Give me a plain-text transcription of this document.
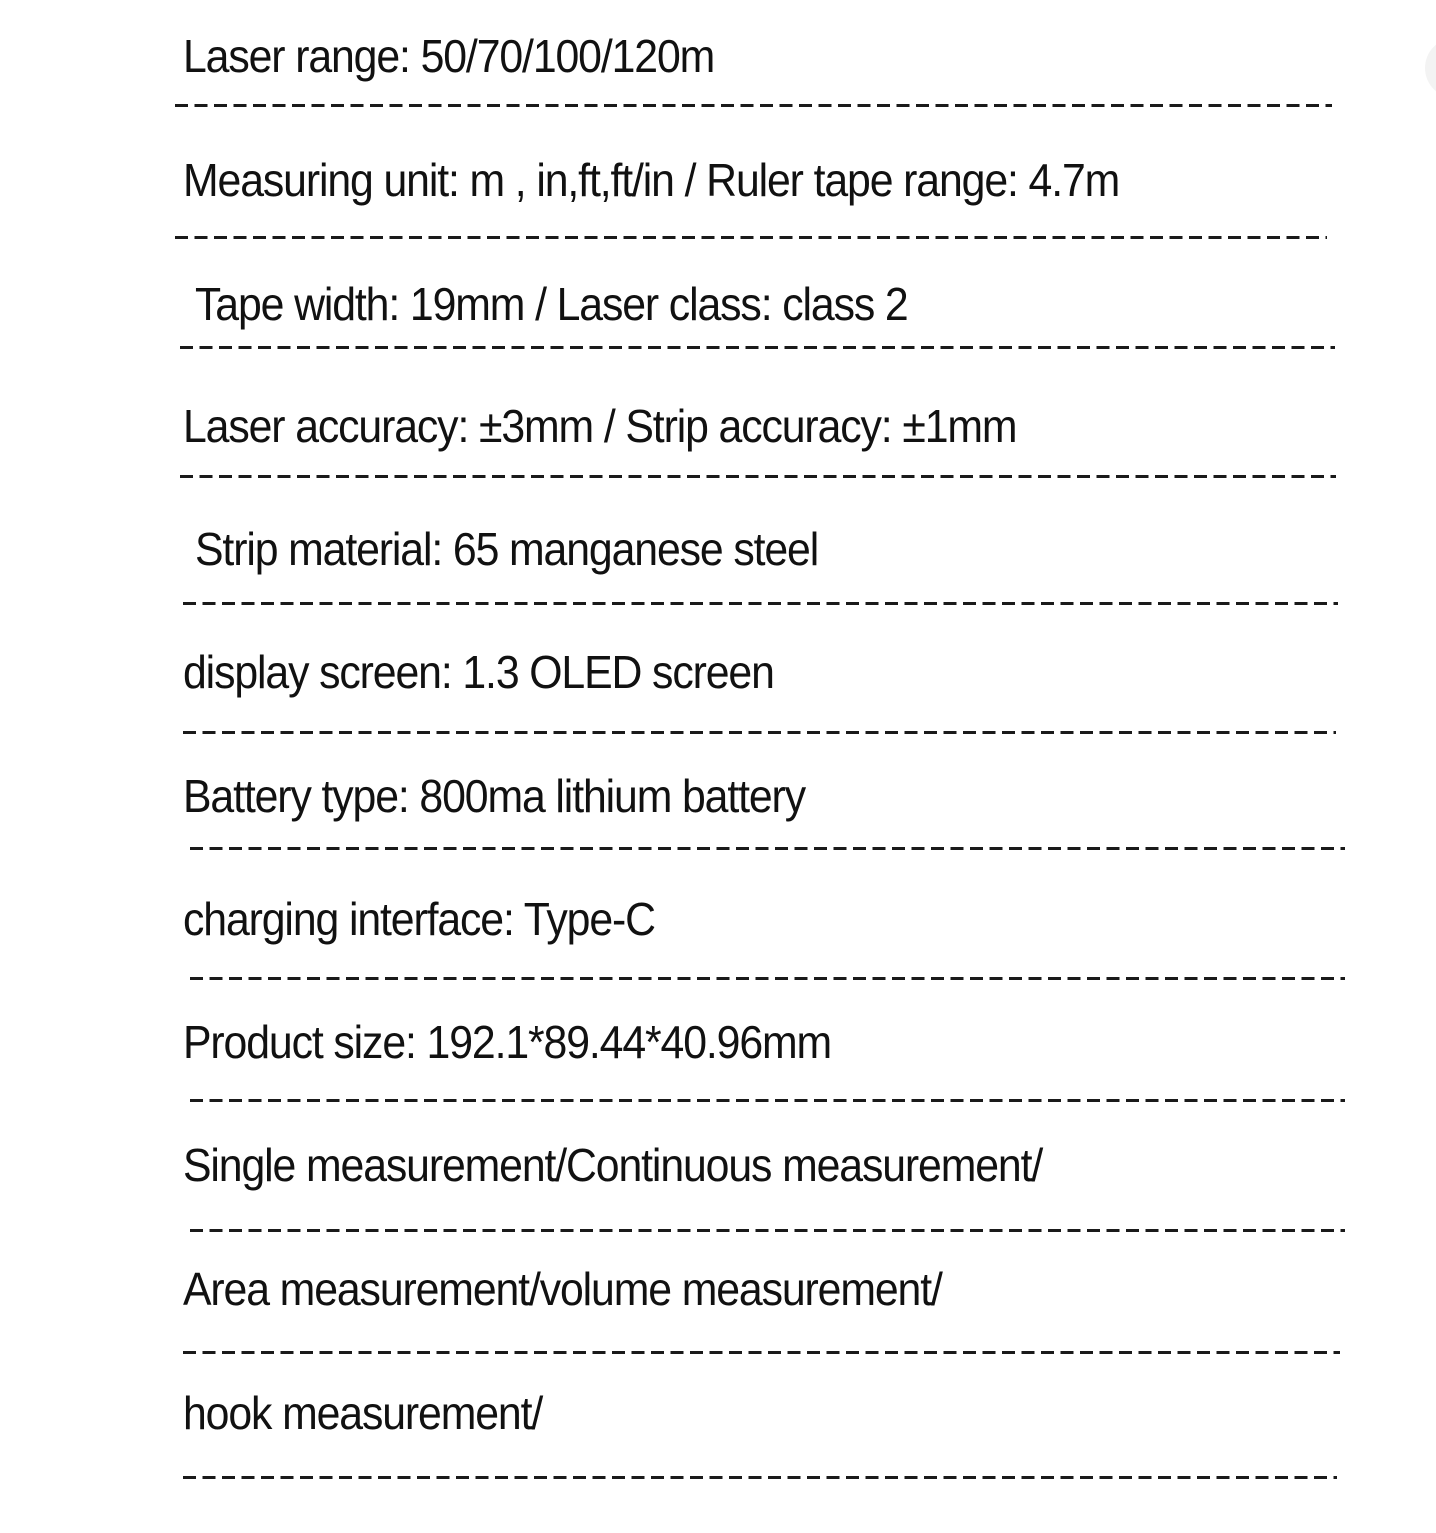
Laser range: 50/70/100/120m
Measuring unit: m , in,ft,ft/in / Ruler tape range: 4.7m
Tape width: 19mm / Laser class: class 2
Laser accuracy: ±3mm / Strip accuracy: ±1mm
Strip material: 65 manganese steel
display screen: 1.3 OLED screen
Battery type: 800ma lithium battery
charging interface: Type-C
Product size: 192.1*89.44*40.96mm
Single measurement/Continuous measurement/
Area measurement/volume measurement/
hook measurement/
